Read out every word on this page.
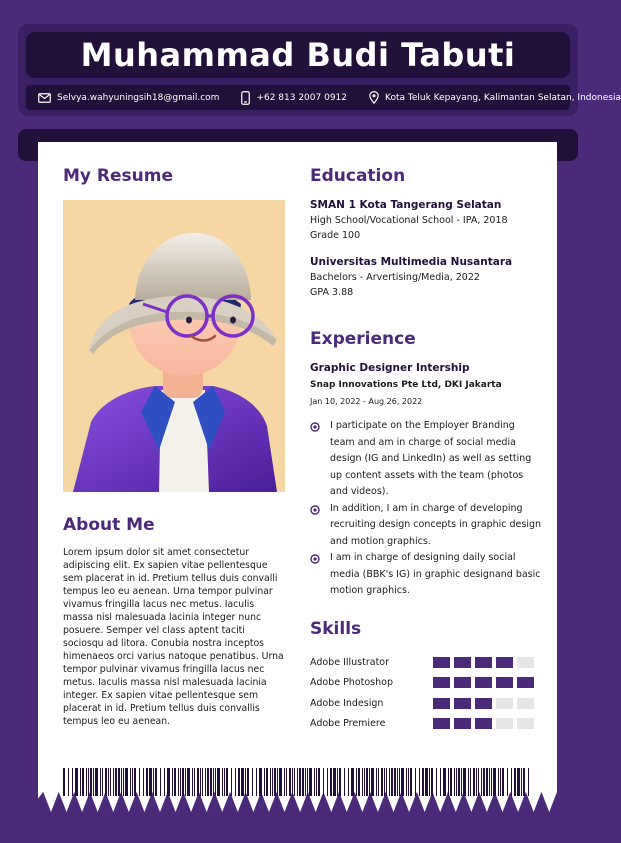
Muhammad Budi Tabuti
Selvya.wahyuningsih18@gmail.com	+62 813 2007 0912	Kota Teluk Kepayang, Kalimantan Selatan, Indonesia
My Resume
About Me
Lorem ipsum dolor sit amet consectetur adipiscing elit. Ex sapien vitae pellentesque sem placerat in id. Pretium tellus duis convalli tempus leo eu aenean. Urna tempor pulvinar vivamus fringilla lacus nec metus. Iaculis massa nisl malesuada lacinia integer nunc posuere. Semper vel class aptent taciti sociosqu ad litora. Conubia nostra inceptos himenaeos orci varius natoque penatibus. Urna tempor pulvinar vivamus fringilla lacus nec metus. Iaculis massa nisl malesuada lacinia integer. Ex sapien vitae pellentesque sem placerat in id. Pretium tellus duis convallis tempus leo eu aenean.
Education
SMAN 1 Kota Tangerang Selatan
High School/Vocational School - IPA, 2018
Grade 100
Universitas Multimedia Nusantara
Bachelors - Arvertising/Media, 2022
GPA 3.88
Experience
Graphic Designer Intership
Snap Innovations Pte Ltd, DKI Jakarta
Jan 10, 2022 - Aug 26, 2022
I participate on the Employer Branding team and am in charge of social media design (IG and LinkedIn) as well as setting up content assets with the team (photos and videos).
In addition, I am in charge of developing recruiting design concepts in graphic design and motion graphics.
I am in charge of designing daily social media (BBK's IG) in graphic designand basic motion graphics.
Skills
Adobe Illustrator
Adobe Photoshop
Adobe Indesign
Adobe Premiere
